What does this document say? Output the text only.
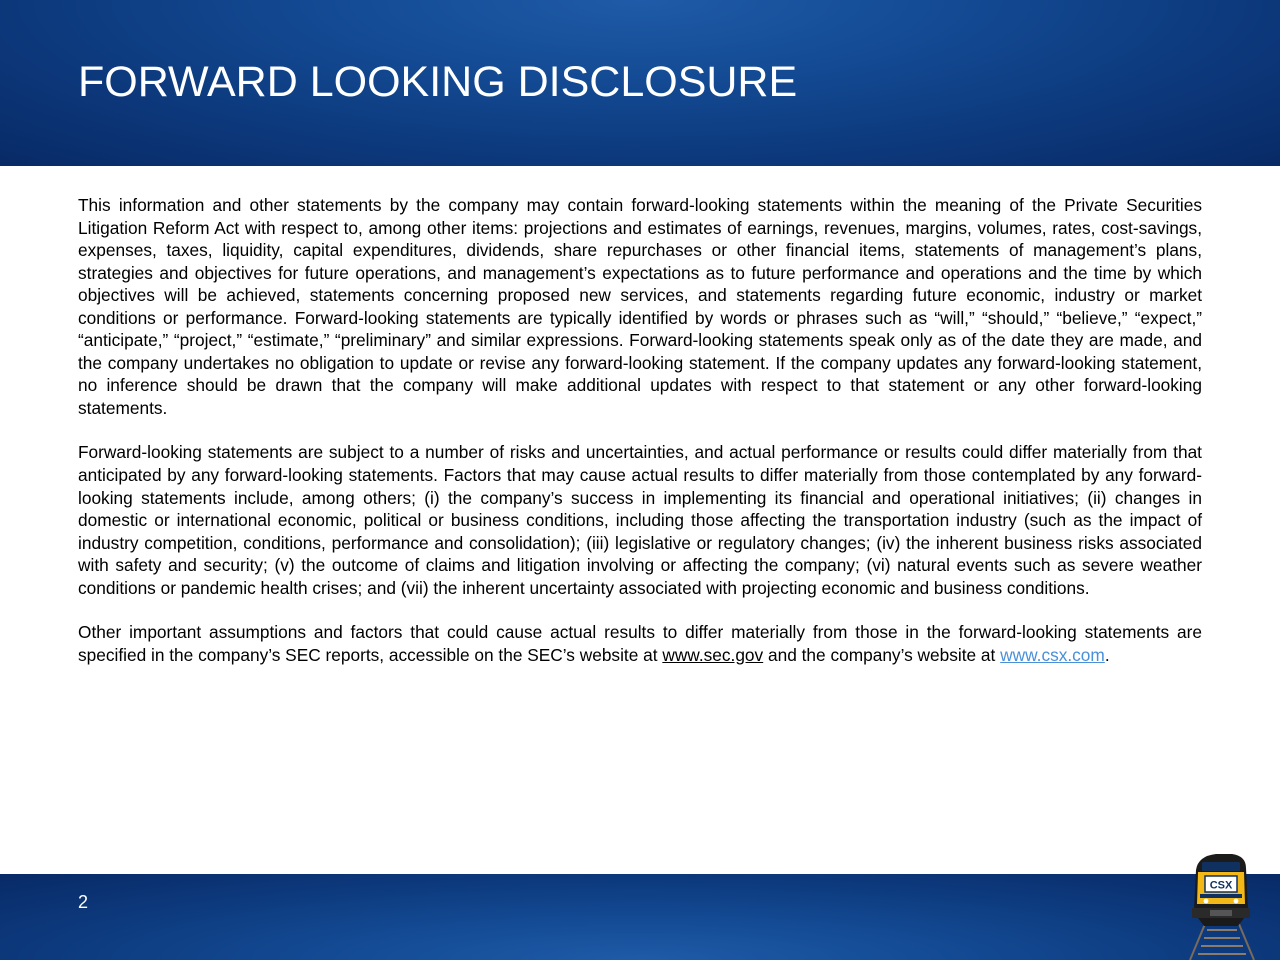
FORWARD LOOKING DISCLOSURE

This information and other statements by the company may contain forward-looking statements within the meaning of the Private Securities Litigation Reform Act with respect to, among other items: projections and estimates of earnings, revenues, margins, volumes, rates, cost-savings, expenses, taxes, liquidity, capital expenditures, dividends, share repurchases or other financial items, statements of management’s plans, strategies and objectives for future operations, and management’s expectations as to future performance and operations and the time by which objectives will be achieved, statements concerning proposed new services, and statements regarding future economic, industry or market conditions or performance. Forward-looking statements are typically identified by words or phrases such as “will,” “should,” “believe,” “expect,” “anticipate,” “project,” “estimate,” “preliminary” and similar expressions. Forward-looking statements speak only as of the date they are made, and the company undertakes no obligation to update or revise any forward-looking statement. If the company updates any forward-looking statement, no inference should be drawn that the company will make additional updates with respect to that statement or any other forward-looking statements.

Forward-looking statements are subject to a number of risks and uncertainties, and actual performance or results could differ materially from that anticipated by any forward-looking statements. Factors that may cause actual results to differ materially from those contemplated by any forward-looking statements include, among others; (i) the company’s success in implementing its financial and operational initiatives; (ii) changes in domestic or international economic, political or business conditions, including those affecting the transportation industry (such as the impact of industry competition, conditions, performance and consolidation); (iii) legislative or regulatory changes; (iv) the inherent business risks associated with safety and security; (v) the outcome of claims and litigation involving or affecting the company; (vi) natural events such as severe weather conditions or pandemic health crises; and (vii) the inherent uncertainty associated with projecting economic and business conditions.

Other important assumptions and factors that could cause actual results to differ materially from those in the forward-looking statements are specified in the company’s SEC reports, accessible on the SEC’s website at www.sec.gov and the company’s website at www.csx.com.

2
CSX
